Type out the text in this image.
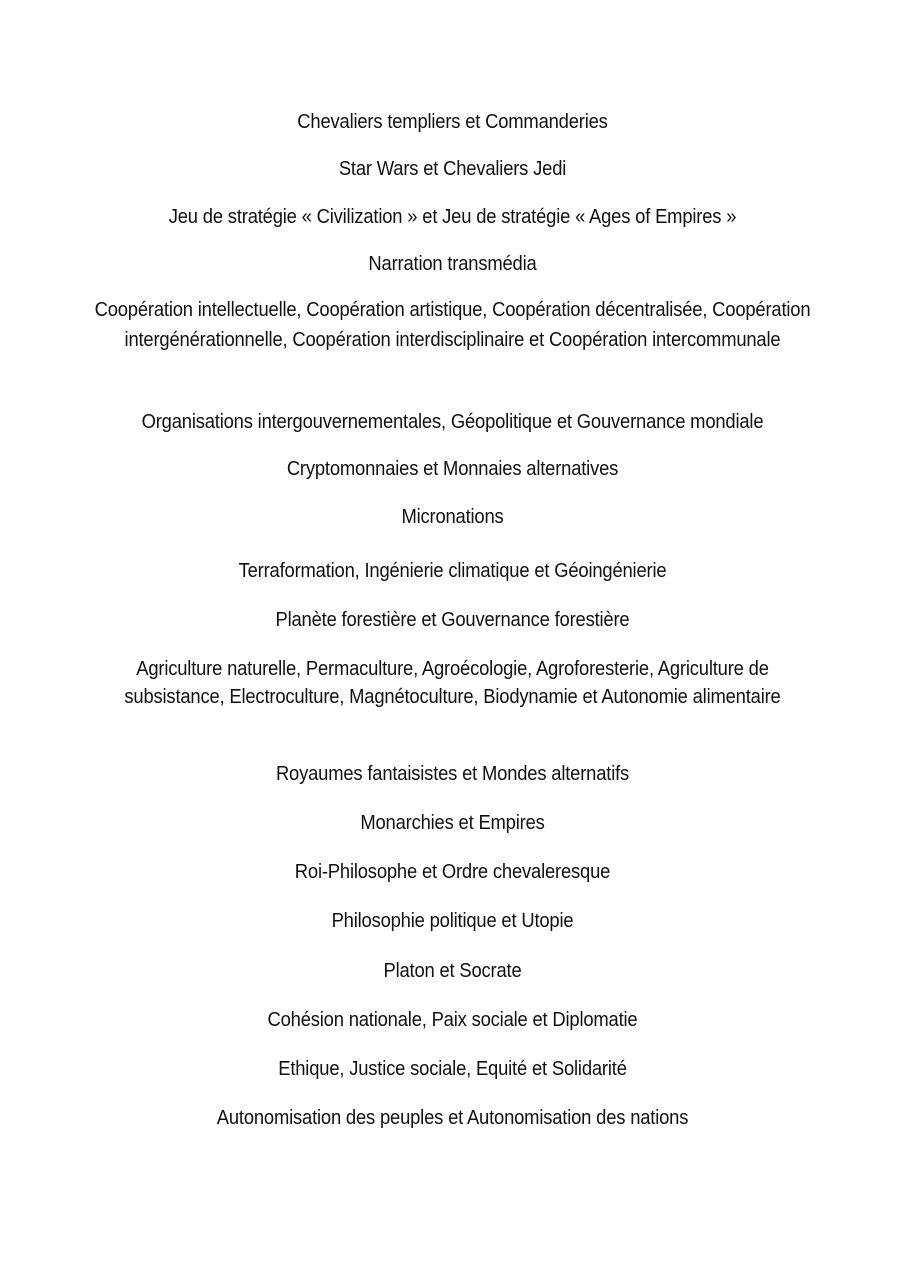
Chevaliers templiers et Commanderies
Star Wars et Chevaliers Jedi
Jeu de stratégie « Civilization » et Jeu de stratégie « Ages of Empires »
Narration transmédia
Coopération intellectuelle, Coopération artistique, Coopération décentralisée, Coopération intergénérationnelle, Coopération interdisciplinaire et Coopération intercommunale
Organisations intergouvernementales, Géopolitique et Gouvernance mondiale
Cryptomonnaies et Monnaies alternatives
Micronations
Terraformation, Ingénierie climatique et Géoingénierie
Planète forestière et Gouvernance forestière
Agriculture naturelle, Permaculture, Agroécologie, Agroforesterie, Agriculture de subsistance, Electroculture, Magnétoculture, Biodynamie et Autonomie alimentaire
Royaumes fantaisistes et Mondes alternatifs
Monarchies et Empires
Roi-Philosophe et Ordre chevaleresque
Philosophie politique et Utopie
Platon et Socrate
Cohésion nationale, Paix sociale et Diplomatie
Ethique, Justice sociale, Equité et Solidarité
Autonomisation des peuples et Autonomisation des nations
